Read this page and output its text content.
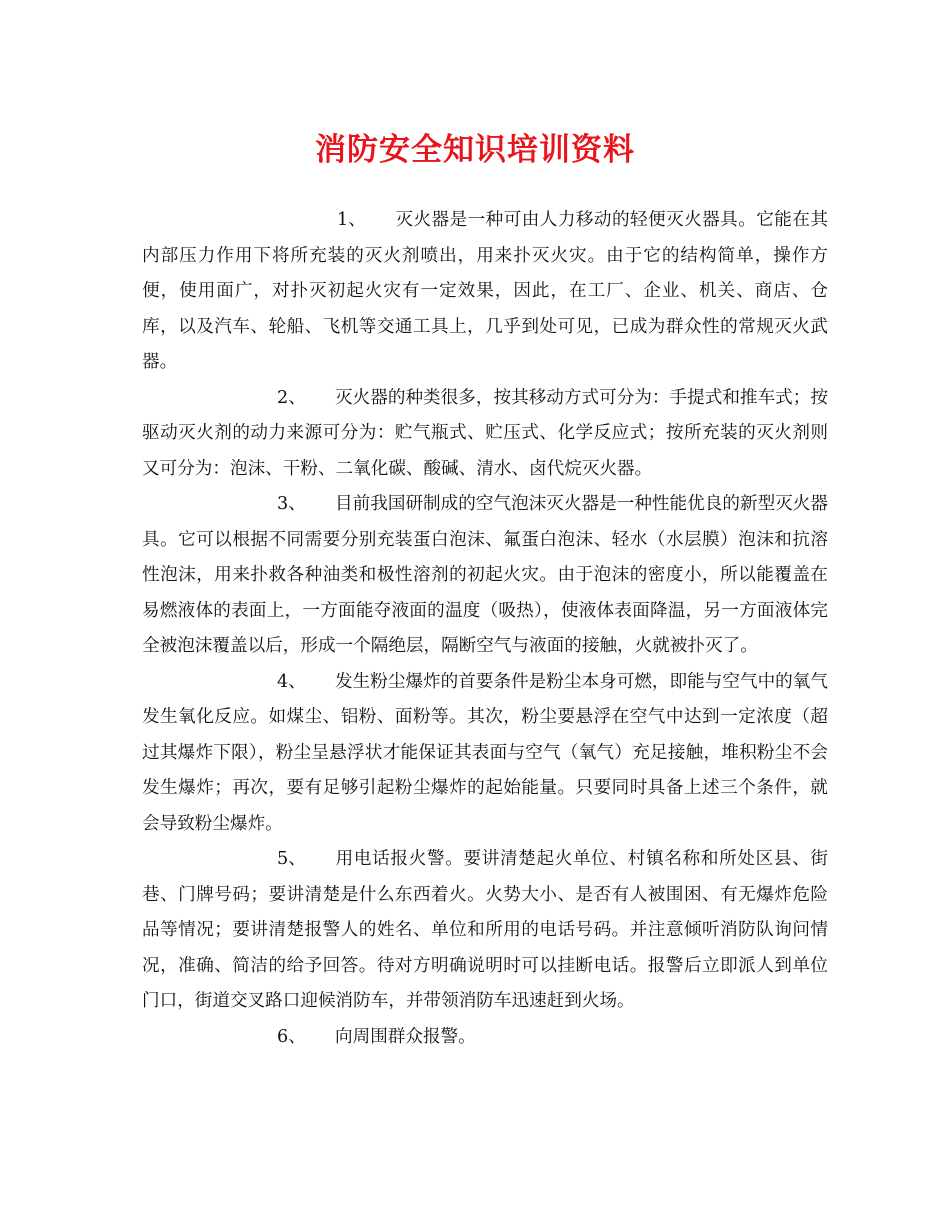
消防安全知识培训资料

1、 灭火器是一种可由人力移动的轻便灭火器具。它能在其内部压力作用下将所充装的灭火剂喷出，用来扑灭火灾。由于它的结构简单，操作方便，使用面广，对扑灭初起火灾有一定效果，因此，在工厂、企业、机关、商店、仓库，以及汽车、轮船、飞机等交通工具上，几乎到处可见，已成为群众性的常规灭火武器。

2、 灭火器的种类很多，按其移动方式可分为：手提式和推车式；按驱动灭火剂的动力来源可分为：贮气瓶式、贮压式、化学反应式；按所充装的灭火剂则又可分为：泡沫、干粉、二氧化碳、酸碱、清水、卤代烷灭火器。

3、 目前我国研制成的空气泡沫灭火器是一种性能优良的新型灭火器具。它可以根据不同需要分别充装蛋白泡沫、氟蛋白泡沫、轻水（水层膜）泡沫和抗溶性泡沫，用来扑救各种油类和极性溶剂的初起火灾。由于泡沫的密度小，所以能覆盖在易燃液体的表面上，一方面能夺液面的温度（吸热），使液体表面降温，另一方面液体完全被泡沫覆盖以后，形成一个隔绝层，隔断空气与液面的接触，火就被扑灭了。

4、 发生粉尘爆炸的首要条件是粉尘本身可燃，即能与空气中的氧气发生氧化反应。如煤尘、铝粉、面粉等。其次，粉尘要悬浮在空气中达到一定浓度（超过其爆炸下限），粉尘呈悬浮状才能保证其表面与空气（氧气）充足接触，堆积粉尘不会发生爆炸；再次，要有足够引起粉尘爆炸的起始能量。只要同时具备上述三个条件，就会导致粉尘爆炸。

5、 用电话报火警。要讲清楚起火单位、村镇名称和所处区县、街巷、门牌号码；要讲清楚是什么东西着火。火势大小、是否有人被围困、有无爆炸危险品等情况；要讲清楚报警人的姓名、单位和所用的电话号码。并注意倾听消防队询问情况，准确、简洁的给予回答。待对方明确说明时可以挂断电话。报警后立即派人到单位门口，街道交叉路口迎候消防车，并带领消防车迅速赶到火场。

6、 向周围群众报警。
